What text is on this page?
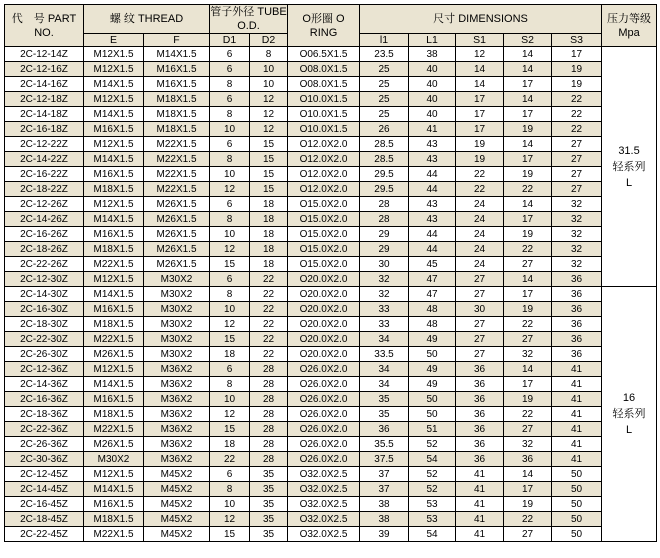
代　号 PART NO.	螺 纹 THREAD		管子外径 TUBE O.D.		O形圈 O RING	尺寸 DIMENSIONS					压力等级 Mpa
	E	F	D1	D2		l1	L1	S1	S2	S3	
2C-12-14Z	M12X1.5	M14X1.5	6	8	O06.5X1.5	23.5	38	12	14	17	31.5
轻系列
L

2C-12-16Z	M12X1.5	M16X1.5	6	10	O08.0X1.5	25	40	14	14	19	
2C-14-16Z	M14X1.5	M16X1.5	8	10	O08.0X1.5	25	40	14	17	19	
2C-12-18Z	M12X1.5	M18X1.5	6	12	O10.0X1.5	25	40	17	14	22	
2C-14-18Z	M14X1.5	M18X1.5	8	12	O10.0X1.5	25	40	17	17	22	
2C-16-18Z	M16X1.5	M18X1.5	10	12	O10.0X1.5	26	41	17	19	22	
2C-12-22Z	M12X1.5	M22X1.5	6	15	O12.0X2.0	28.5	43	19	14	27	
2C-14-22Z	M14X1.5	M22X1.5	8	15	O12.0X2.0	28.5	43	19	17	27	
2C-16-22Z	M16X1.5	M22X1.5	10	15	O12.0X2.0	29.5	44	22	19	27	
2C-18-22Z	M18X1.5	M22X1.5	12	15	O12.0X2.0	29.5	44	22	22	27	
2C-12-26Z	M12X1.5	M26X1.5	6	18	O15.0X2.0	28	43	24	14	32	
2C-14-26Z	M14X1.5	M26X1.5	8	18	O15.0X2.0	28	43	24	17	32	
2C-16-26Z	M16X1.5	M26X1.5	10	18	O15.0X2.0	29	44	24	19	32	
2C-18-26Z	M18X1.5	M26X1.5	12	18	O15.0X2.0	29	44	24	22	32	
2C-22-26Z	M22X1.5	M26X1.5	15	18	O15.0X2.0	30	45	24	27	32	
2C-12-30Z	M12X1.5	M30X2	6	22	O20.0X2.0	32	47	27	14	36	
2C-14-30Z	M14X1.5	M30X2	8	22	O20.0X2.0	32	47	27	17	36	16
轻系列
L

2C-16-30Z	M16X1.5	M30X2	10	22	O20.0X2.0	33	48	30	19	36	
2C-18-30Z	M18X1.5	M30X2	12	22	O20.0X2.0	33	48	27	22	36	
2C-22-30Z	M22X1.5	M30X2	15	22	O20.0X2.0	34	49	27	27	36	
2C-26-30Z	M26X1.5	M30X2	18	22	O20.0X2.0	33.5	50	27	32	36	
2C-12-36Z	M12X1.5	M36X2	6	28	O26.0X2.0	34	49	36	14	41	
2C-14-36Z	M14X1.5	M36X2	8	28	O26.0X2.0	34	49	36	17	41	
2C-16-36Z	M16X1.5	M36X2	10	28	O26.0X2.0	35	50	36	19	41	
2C-18-36Z	M18X1.5	M36X2	12	28	O26.0X2.0	35	50	36	22	41	
2C-22-36Z	M22X1.5	M36X2	15	28	O26.0X2.0	36	51	36	27	41	
2C-26-36Z	M26X1.5	M36X2	18	28	O26.0X2.0	35.5	52	36	32	41	
2C-30-36Z	M30X2	M36X2	22	28	O26.0X2.0	37.5	54	36	36	41	
2C-12-45Z	M12X1.5	M45X2	6	35	O32.0X2.5	37	52	41	14	50	
2C-14-45Z	M14X1.5	M45X2	8	35	O32.0X2.5	37	52	41	17	50	
2C-16-45Z	M16X1.5	M45X2	10	35	O32.0X2.5	38	53	41	19	50	
2C-18-45Z	M18X1.5	M45X2	12	35	O32.0X2.5	38	53	41	22	50	
2C-22-45Z	M22X1.5	M45X2	15	35	O32.0X2.5	39	54	41	27	50	
